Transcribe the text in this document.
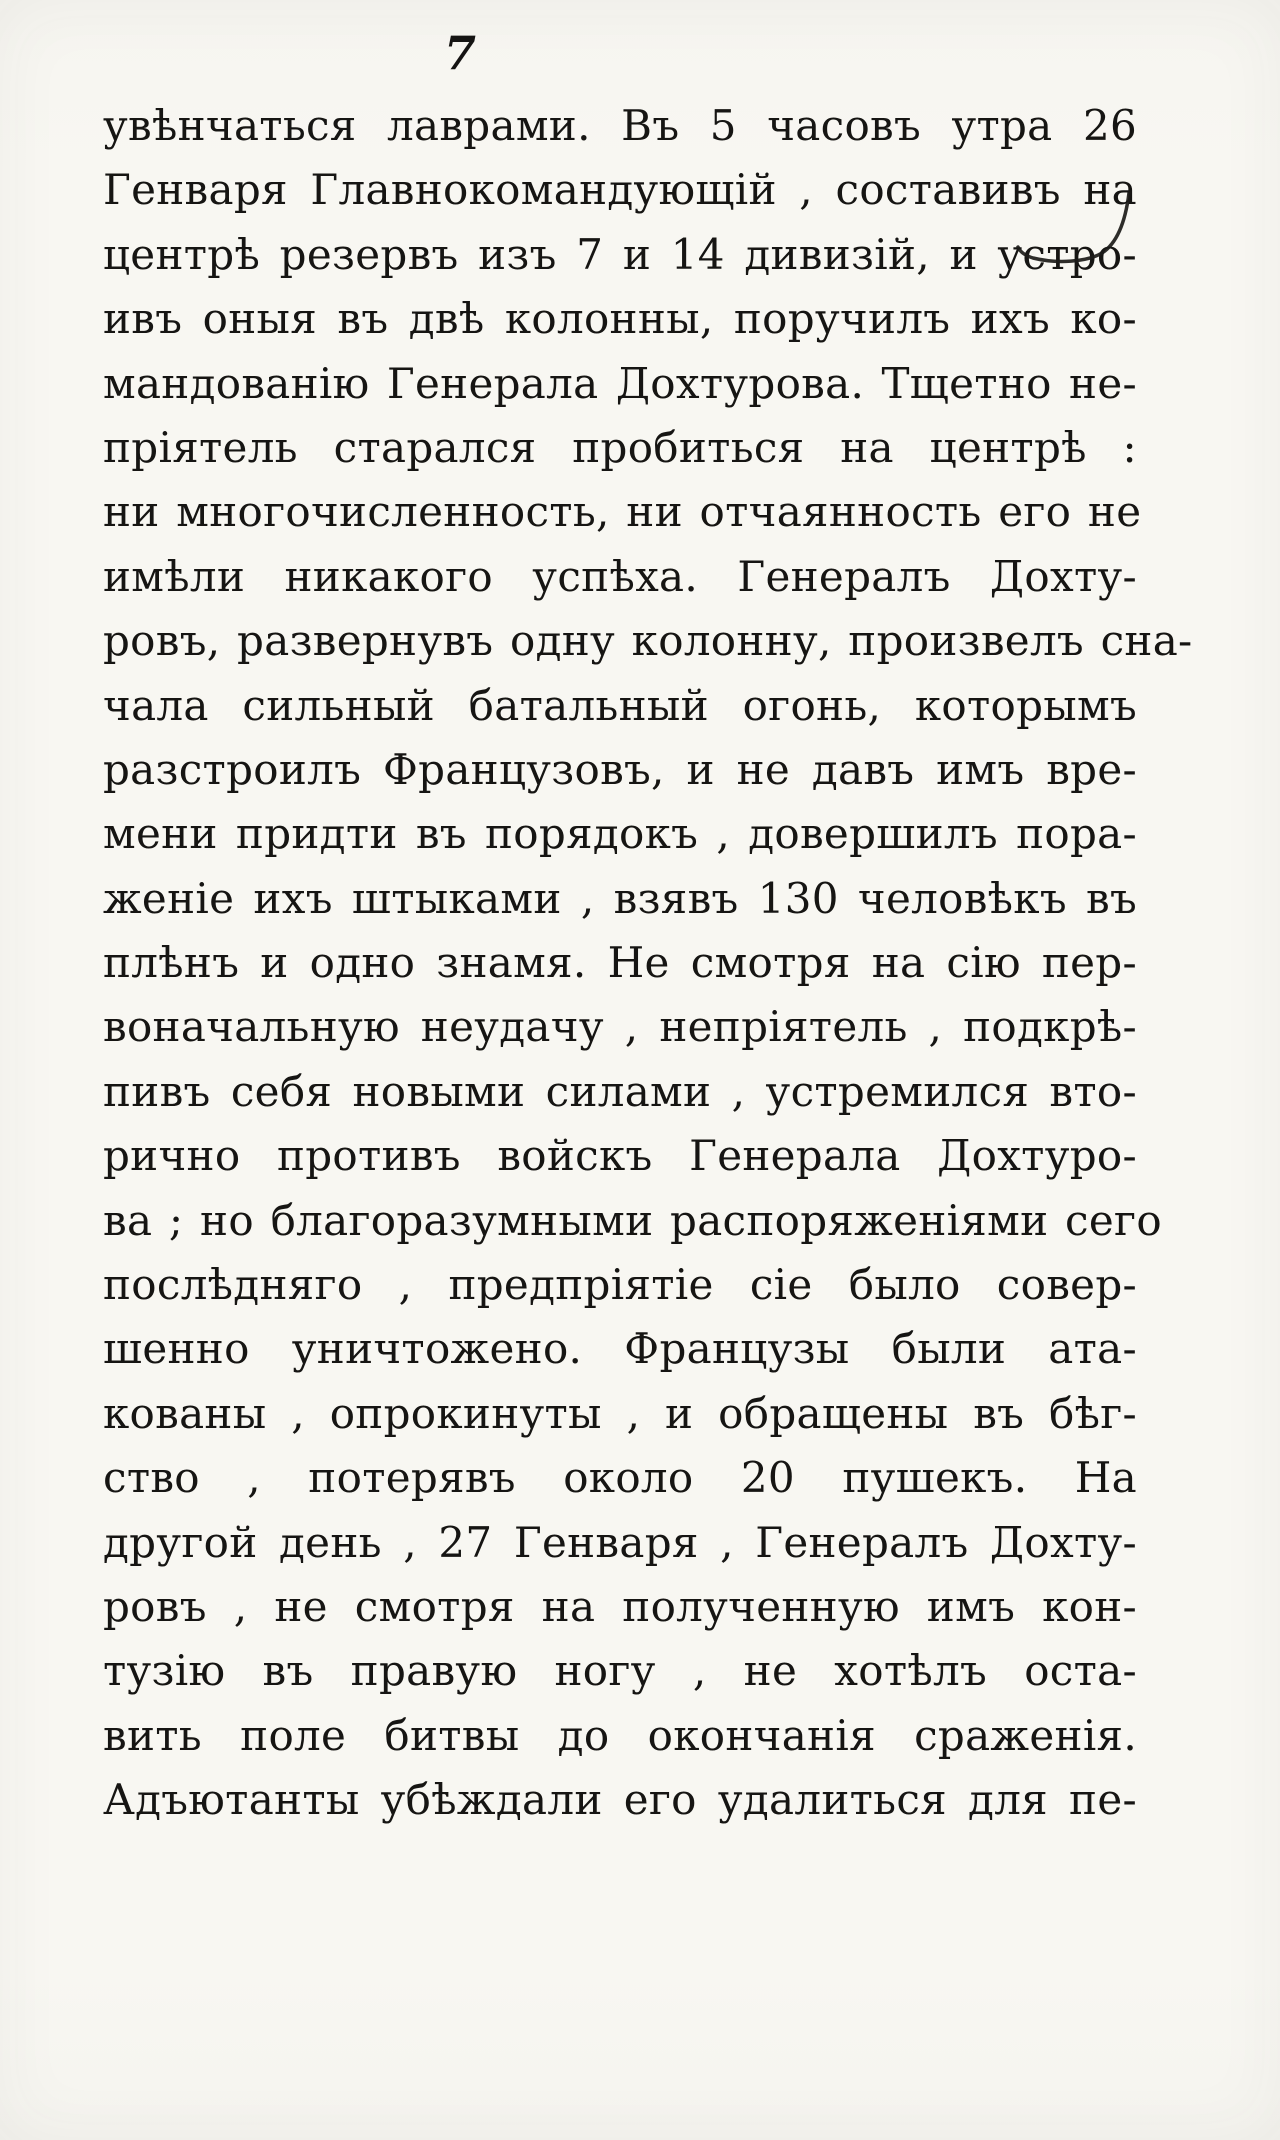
7
увѣнчаться лаврами. Въ 5 часовъ утра 26
Генваря Главнокомандующій , составивъ на
центрѣ резервъ изъ 7 и 14 дивизій, и устро-
ивъ оныя въ двѣ колонны, поручилъ ихъ ко-
мандованію Генерала Дохтурова. Тщетно не-
пріятель старался пробиться на центрѣ :
ни многочисленность, ни отчаянность его не
имѣли никакого успѣха. Генералъ Дохту-
ровъ, развернувъ одну колонну, произвелъ сна-
чала сильный батальный огонь, которымъ
разстроилъ Французовъ, и не давъ имъ вре-
мени придти въ порядокъ , довершилъ пора-
женіе ихъ штыками , взявъ 130 человѣкъ въ
плѣнъ и одно знамя. Не смотря на сію пер-
воначальную неудачу , непріятель , подкрѣ-
пивъ себя новыми силами , устремился вто-
рично противъ войскъ Генерала Дохтуро-
ва ; но благоразумными распоряженіями сего
послѣдняго , предпріятіе сіе было совер-
шенно уничтожено. Французы были ата-
кованы , опрокинуты , и обращены въ бѣг-
ство , потерявъ около 20 пушекъ. На
другой день , 27 Генваря , Генералъ Дохту-
ровъ , не смотря на полученную имъ кон-
тузію въ правую ногу , не хотѣлъ оста-
вить поле битвы до окончанія сраженія.
Адъютанты убѣждали его удалиться для пе-
